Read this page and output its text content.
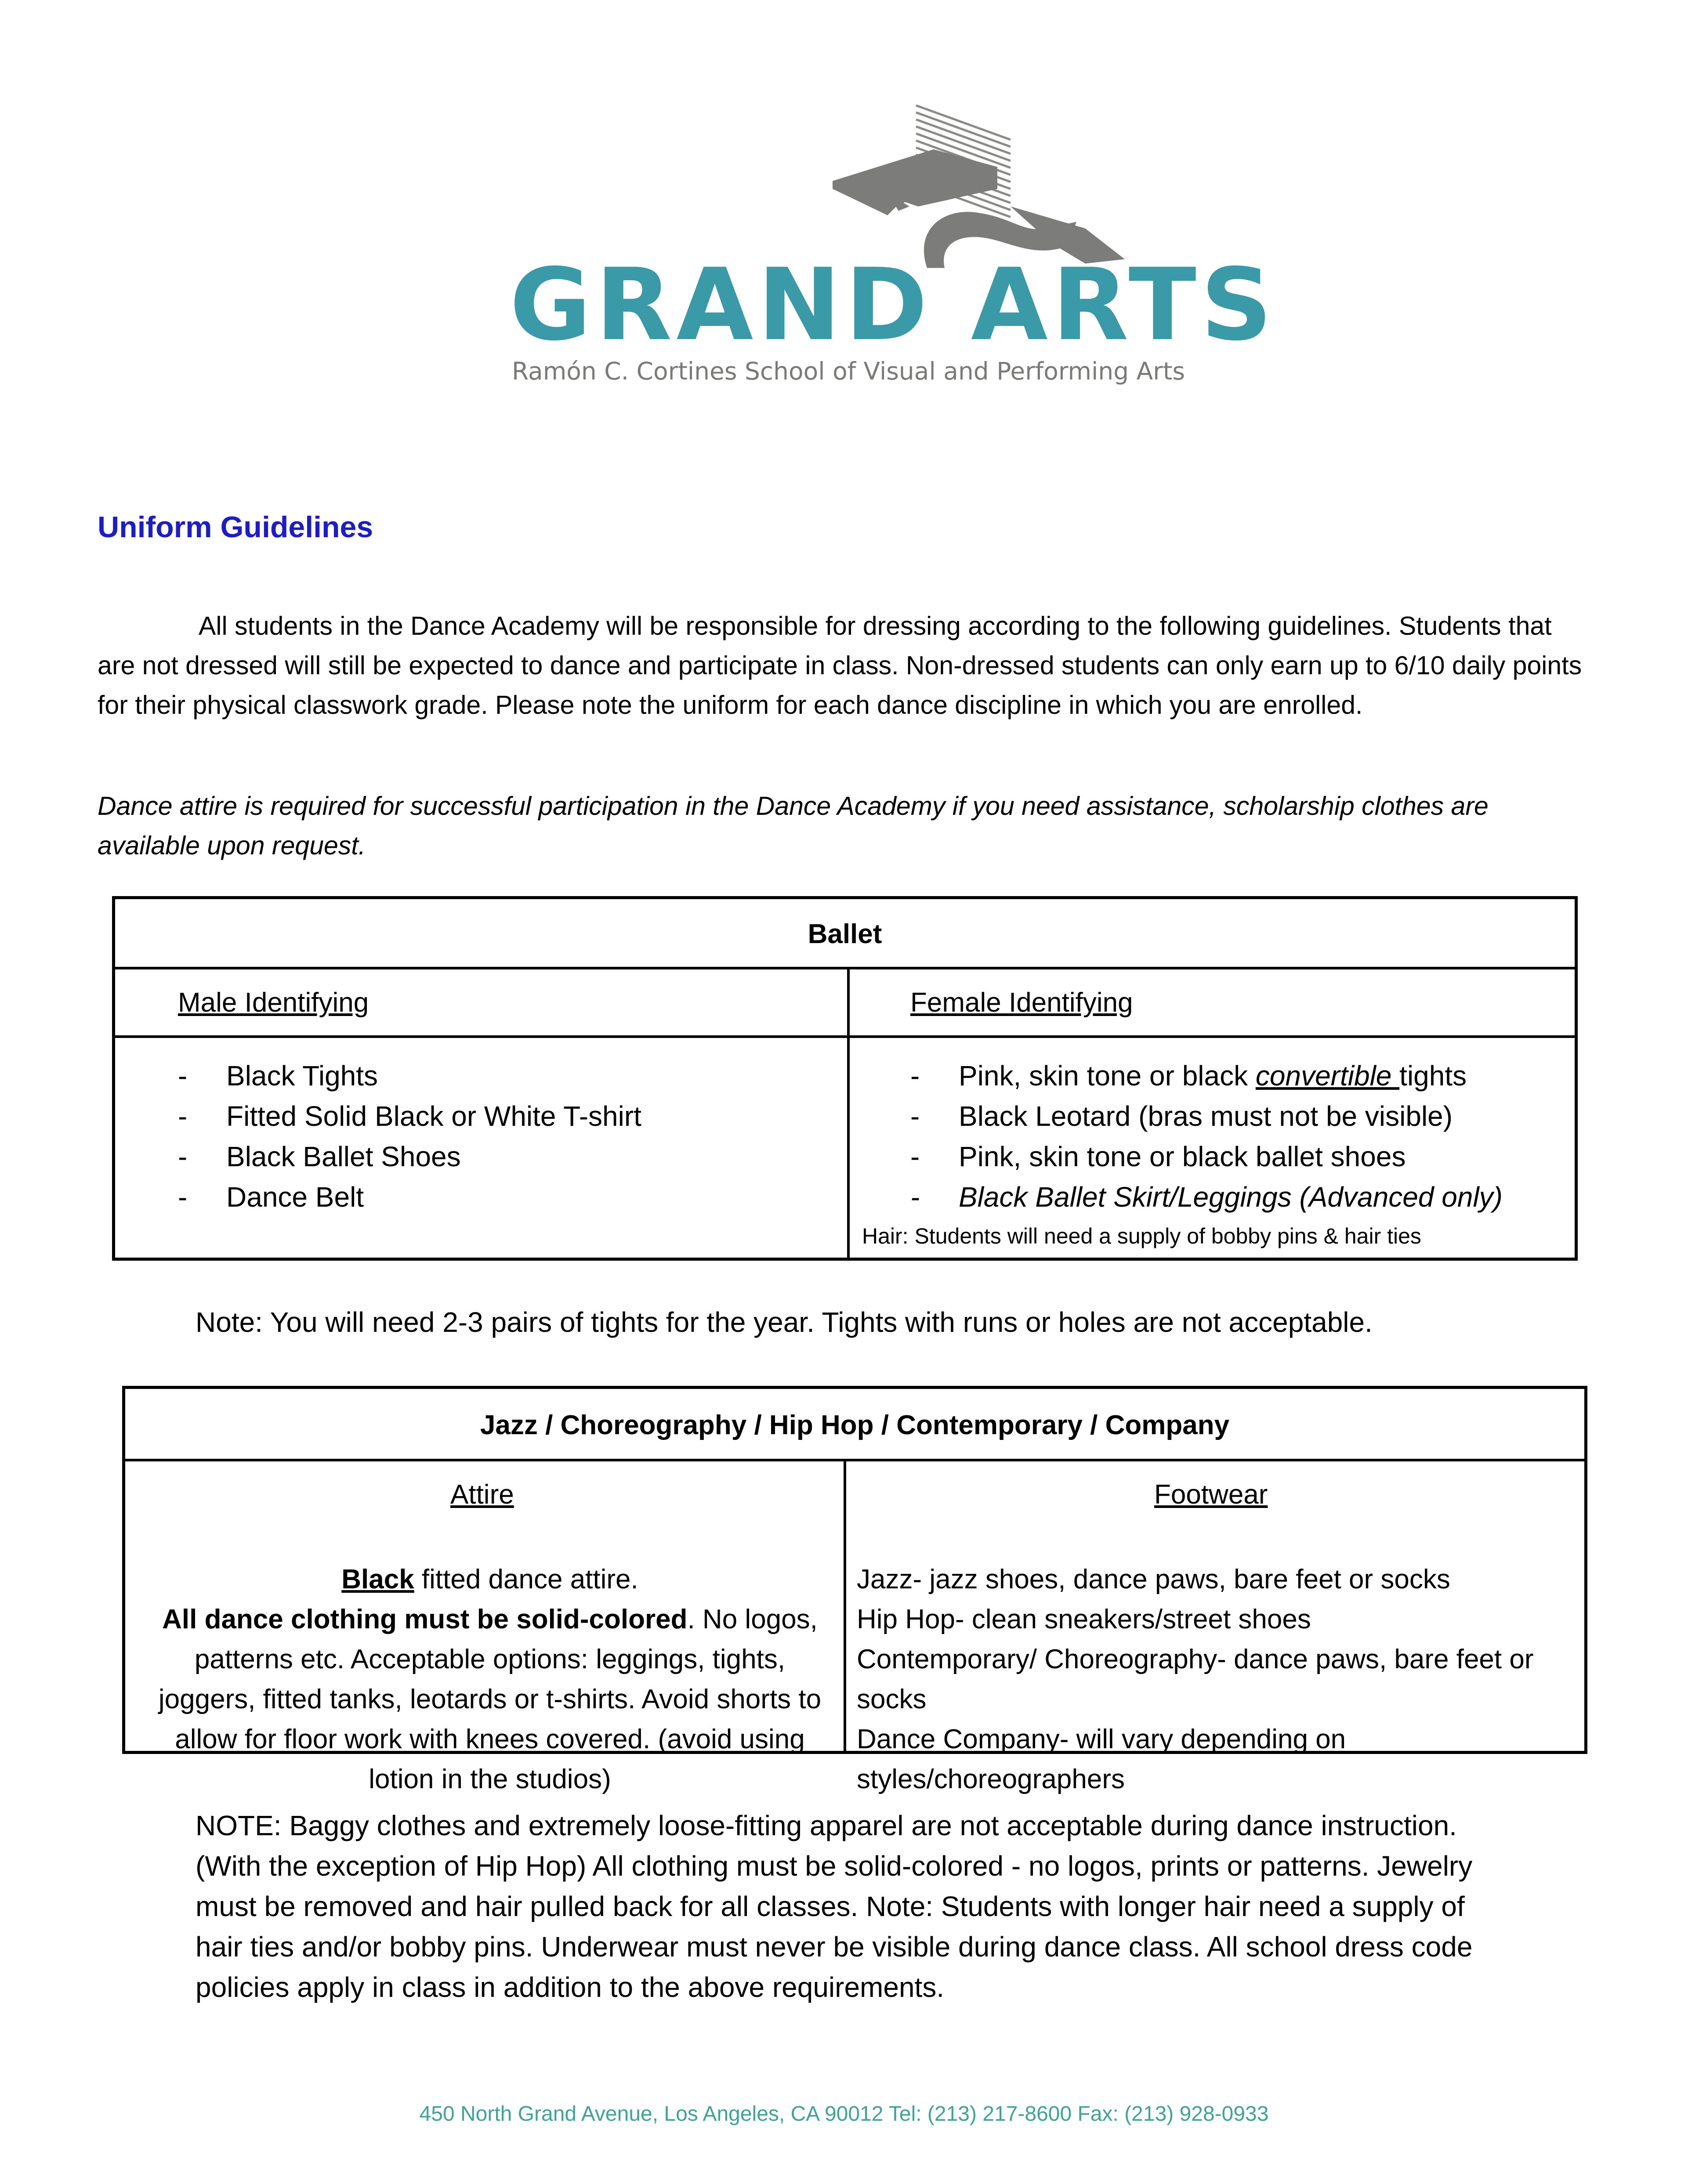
GRAND ARTS
Ramón C. Cortines School of Visual and Performing Arts
Uniform Guidelines
All students in the Dance Academy will be responsible for dressing according to the following guidelines. Students that are not dressed will still be expected to dance and participate in class. Non-dressed students can only earn up to 6/10 daily points for their physical classwork grade. Please note the uniform for each dance discipline in which you are enrolled.
Dance attire is required for successful participation in the Dance Academy if you need assistance, scholarship clothes are available upon request.
Ballet
Male Identifying	Female Identifying
- Black Tights
- Fitted Solid Black or White T-shirt
- Black Ballet Shoes
- Dance Belt
- Pink, skin tone or black convertible tights
- Black Leotard (bras must not be visible)
- Pink, skin tone or black ballet shoes
- Black Ballet Skirt/Leggings (Advanced only)
Hair: Students will need a supply of bobby pins & hair ties
Note: You will need 2-3 pairs of tights for the year. Tights with runs or holes are not acceptable.
Jazz / Choreography / Hip Hop / Contemporary / Company
Attire	Footwear
Black fitted dance attire.
All dance clothing must be solid-colored. No logos, patterns etc. Acceptable options: leggings, tights, joggers, fitted tanks, leotards or t-shirts. Avoid shorts to allow for floor work with knees covered. (avoid using lotion in the studios)
Jazz- jazz shoes, dance paws, bare feet or socks
Hip Hop- clean sneakers/street shoes
Contemporary/ Choreography- dance paws, bare feet or socks
Dance Company- will vary depending on styles/choreographers
NOTE: Baggy clothes and extremely loose-fitting apparel are not acceptable during dance instruction. (With the exception of Hip Hop) All clothing must be solid-colored - no logos, prints or patterns. Jewelry must be removed and hair pulled back for all classes. Note: Students with longer hair need a supply of hair ties and/or bobby pins. Underwear must never be visible during dance class. All school dress code policies apply in class in addition to the above requirements.
450 North Grand Avenue, Los Angeles, CA 90012 Tel: (213) 217-8600 Fax: (213) 928-0933
